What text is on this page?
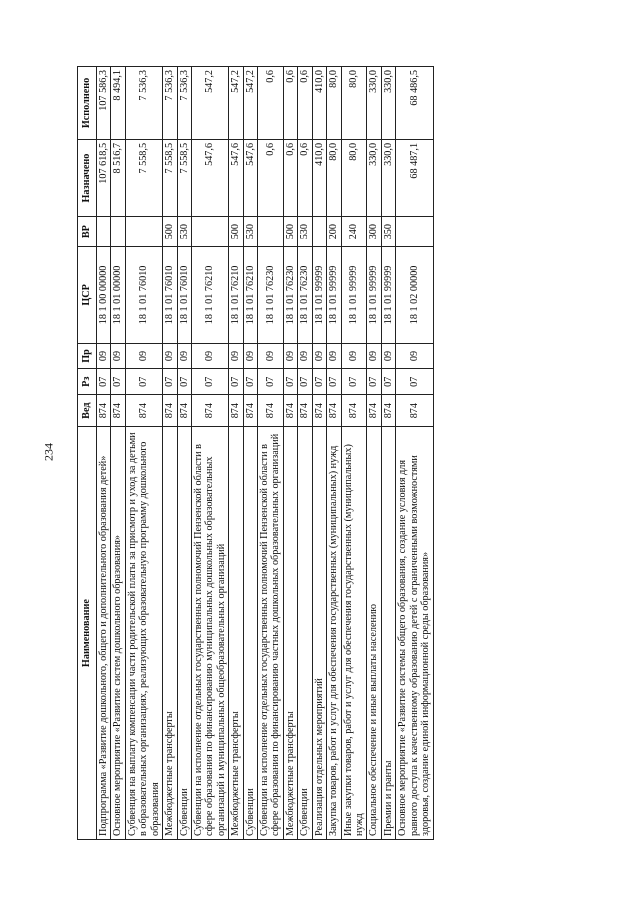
234
Наименование	Вед	Рз	Пр	ЦСР	ВР	Назначено	Исполнено
Подпрограмма «Развитие дошкольного, общего и дополнительного образования детей»	874	07	09	18 1 00 00000		107 618,5	107 586,3
Основное мероприятие «Развитие систем дошкольного образования»	874	07	09	18 1 01 00000		8 516,7	8 494,1
Субвенция на выплату компенсации части родительской платы за присмотр и уход за детьми в образовательных организациях, реализующих образовательную программу дошкольного образования	874	07	09	18 1 01 76010		7 558,5	7 536,3
Межбюджетные трансферты	874	07	09	18 1 01 76010	500	7 558,5	7 536,3
Субвенции	874	07	09	18 1 01 76010	530	7 558,5	7 536,3
Субвенции на исполнение отдельных государственных полномочий Пензенской области в сфере образования по финансированию муниципальных дошкольных образовательных организаций и муниципальных общеобразовательных организаций	874	07	09	18 1 01 76210		547,6	547,2
Межбюджетные трансферты	874	07	09	18 1 01 76210	500	547,6	547,2
Субвенции	874	07	09	18 1 01 76210	530	547,6	547,2
Субвенции на исполнение отдельных государственных полномочий Пензенской области в сфере образования по финансированию частных дошкольных образовательных организаций	874	07	09	18 1 01 76230		0,6	0,6
Межбюджетные трансферты	874	07	09	18 1 01 76230	500	0,6	0,6
Субвенции	874	07	09	18 1 01 76230	530	0,6	0,6
Реализация отдельных мероприятий	874	07	09	18 1 01 99999		410,0	410,0
Закупка товаров, работ и услуг для обеспечения государственных (муниципальных) нужд	874	07	09	18 1 01 99999	200	80,0	80,0
Иные закупки товаров, работ и услуг для обеспечения государственных (муниципальных) нужд	874	07	09	18 1 01 99999	240	80,0	80,0
Социальное обеспечение и иные выплаты населению	874	07	09	18 1 01 99999	300	330,0	330,0
Премии и гранты	874	07	09	18 1 01 99999	350	330,0	330,0
Основное мероприятие «Развитие системы общего образования, создание условия для равного доступа к качественному образованию детей с ограниченными возможностями здоровья, создание единой информационной среды образования»	874	07	09	18 1 02 00000		68 487,1	68 486,5
